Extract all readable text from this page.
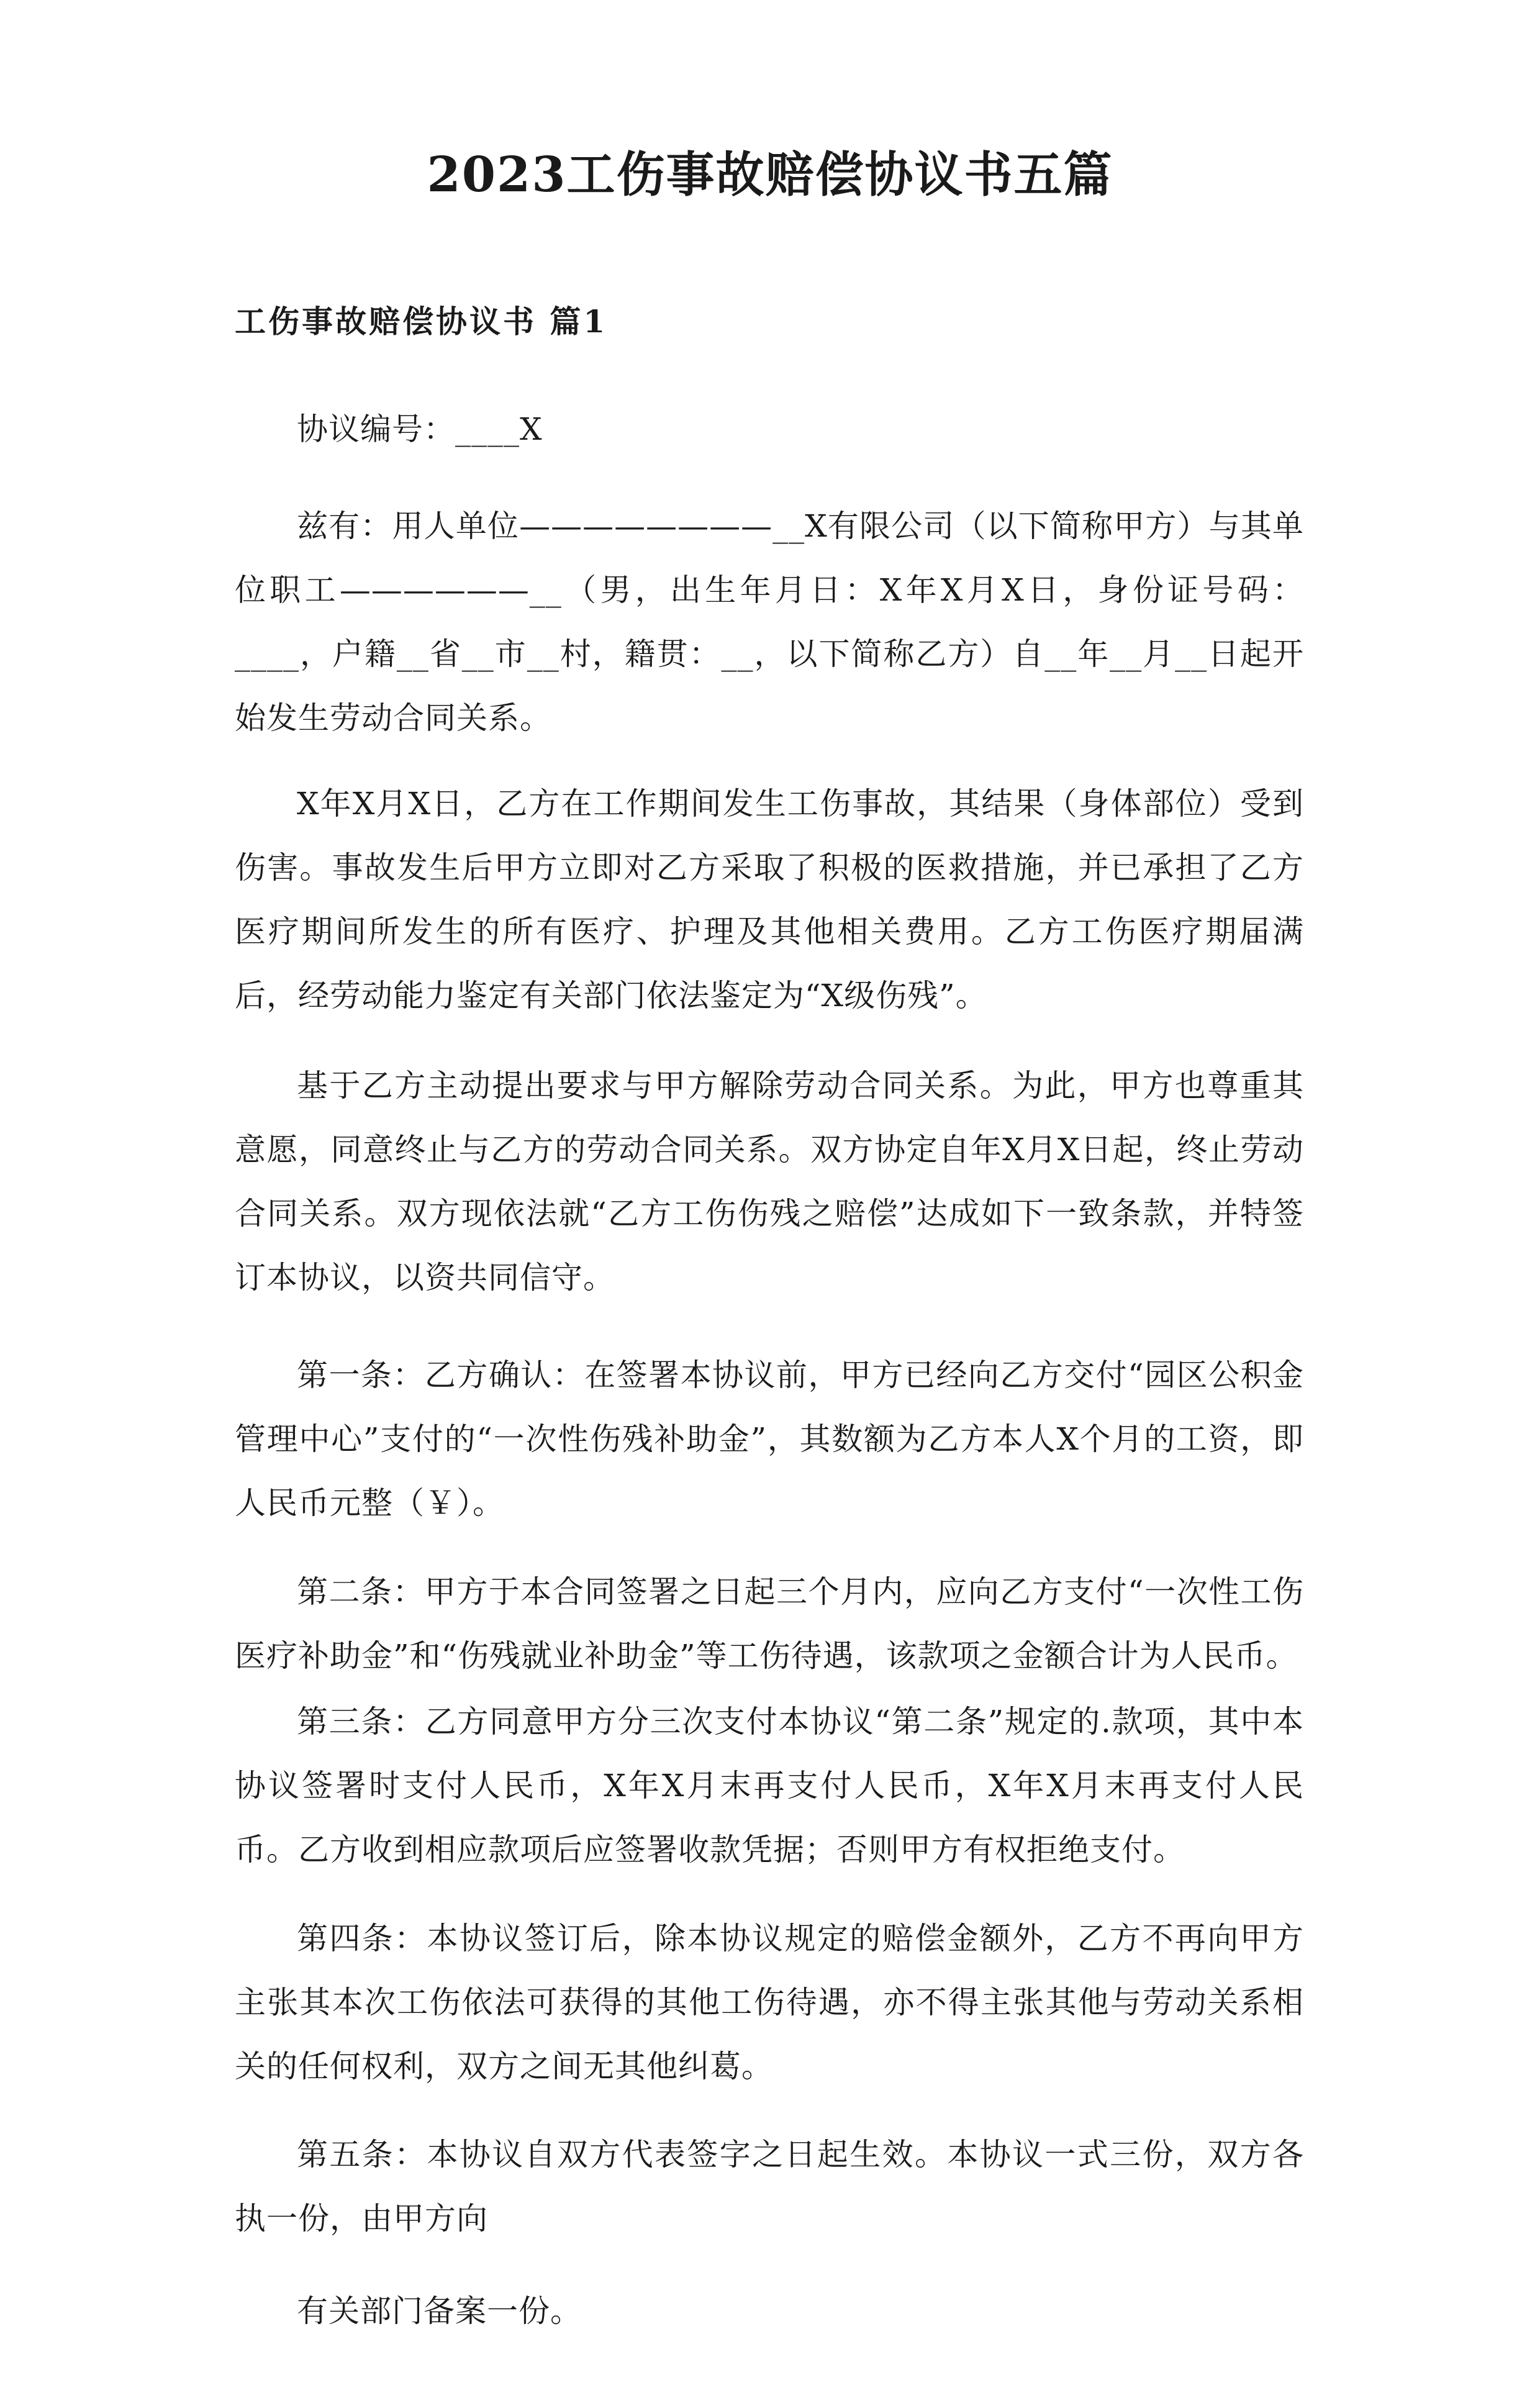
2023工伤事故赔偿协议书五篇
工伤事故赔偿协议书 篇1

协议编号：____X

兹有：用人单位————————__X有限公司（以下简称甲方）与其单位职工——————__（男，出生年月日：X年X月X日，身份证号码：____，户籍__省__市__村，籍贯：__，以下简称乙方）自__年__月__日起开始发生劳动合同关系。

X年X月X日，乙方在工作期间发生工伤事故，其结果（身体部位）受到伤害。事故发生后甲方立即对乙方采取了积极的医救措施，并已承担了乙方医疗期间所发生的所有医疗、护理及其他相关费用。乙方工伤医疗期届满后，经劳动能力鉴定有关部门依法鉴定为“X级伤残”。

基于乙方主动提出要求与甲方解除劳动合同关系。为此，甲方也尊重其意愿，同意终止与乙方的劳动合同关系。双方协定自年X月X日起，终止劳动合同关系。双方现依法就“乙方工伤伤残之赔偿”达成如下一致条款，并特签订本协议，以资共同信守。

第一条：乙方确认：在签署本协议前，甲方已经向乙方交付“园区公积金管理中心”支付的“一次性伤残补助金”，其数额为乙方本人X个月的工资，即人民币元整（￥）。

第二条：甲方于本合同签署之日起三个月内，应向乙方支付“一次性工伤医疗补助金”和“伤残就业补助金”等工伤待遇，该款项之金额合计为人民币。

第三条：乙方同意甲方分三次支付本协议“第二条”规定的.款项，其中本协议签署时支付人民币，X年X月末再支付人民币，X年X月末再支付人民币。乙方收到相应款项后应签署收款凭据；否则甲方有权拒绝支付。

第四条：本协议签订后，除本协议规定的赔偿金额外，乙方不再向甲方主张其本次工伤依法可获得的其他工伤待遇，亦不得主张其他与劳动关系相关的任何权利，双方之间无其他纠葛。

第五条：本协议自双方代表签字之日起生效。本协议一式三份，双方各执一份，由甲方向

有关部门备案一份。
